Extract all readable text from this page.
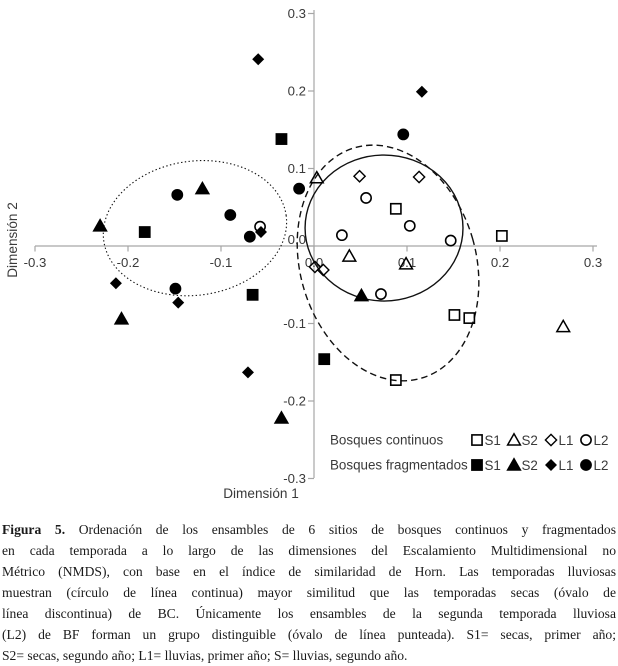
-0.3	-0.2	-0.1	0.0	0.1	0.2	0.3
0.3
0.2
0.1
0.0
-0.1
-0.2
-0.3
Dimensión 1
Dimensión 2
Bosques continuos	S1 S2 L1 L2
Bosques fragmentados S1 S2 L1 L2
Figura 5. Ordenación de los ensambles de 6 sitios de bosques continuos y fragmentados
en cada temporada a lo largo de las dimensiones del Escalamiento Multidimensional no
Métrico (NMDS), con base en el índice de similaridad de Horn. Las temporadas lluviosas
muestran (círculo de línea continua) mayor similitud que las temporadas secas (óvalo de
línea discontinua) de BC. Únicamente los ensambles de la segunda temporada lluviosa
(L2) de BF forman un grupo distinguible (óvalo de línea punteada). S1= secas, primer año;
S2= secas, segundo año; L1= lluvias, primer año; S= lluvias, segundo año.
